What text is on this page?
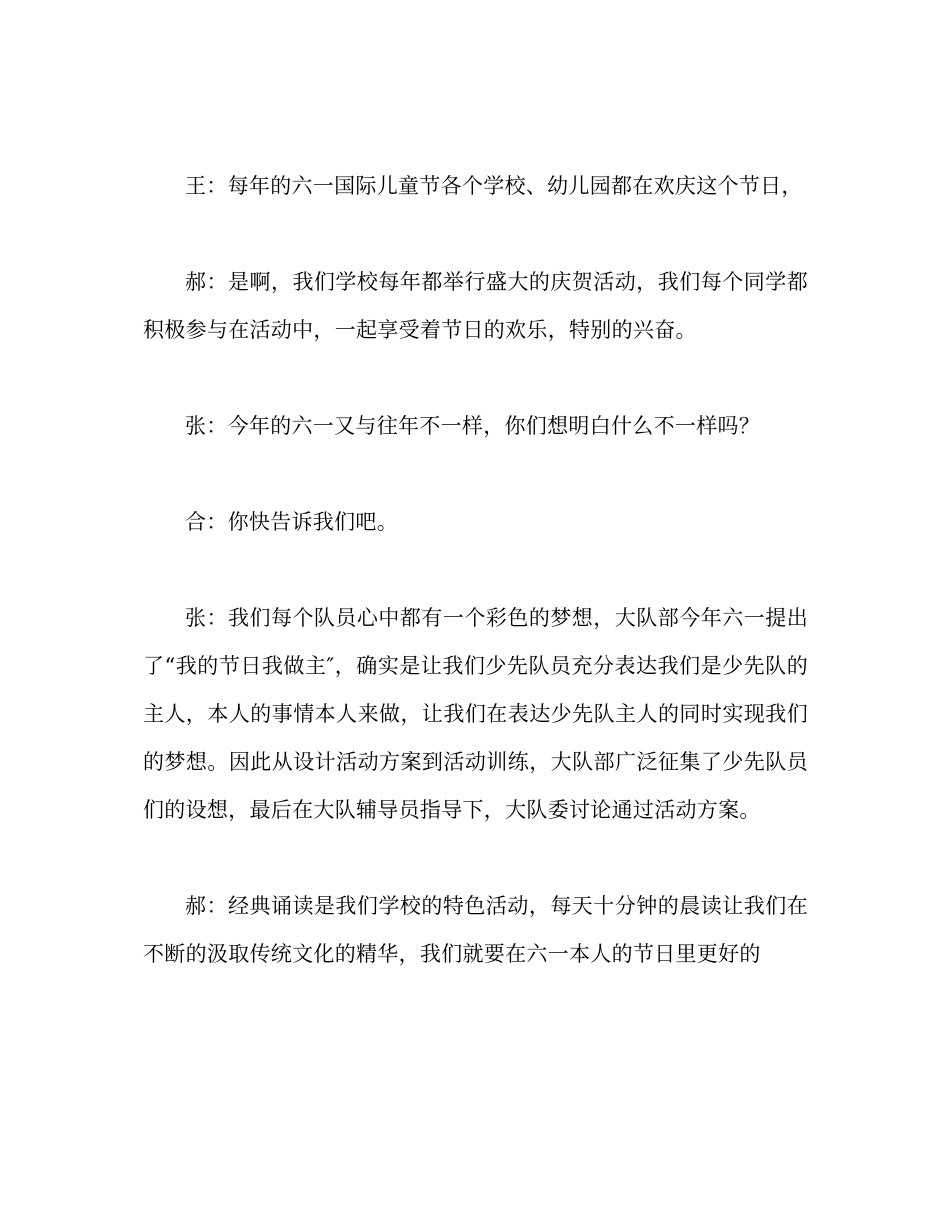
王：每年的六一国际儿童节各个学校、幼儿园都在欢庆这个节日，

郝：是啊，我们学校每年都举行盛大的庆贺活动，我们每个同学都积极参与在活动中，一起享受着节日的欢乐，特别的兴奋。

张：今年的六一又与往年不一样，你们想明白什么不一样吗？

合：你快告诉我们吧。

张：我们每个队员心中都有一个彩色的梦想，大队部今年六一提出了“我的节日我做主″，确实是让我们少先队员充分表达我们是少先队的主人，本人的事情本人来做，让我们在表达少先队主人的同时实现我们的梦想。因此从设计活动方案到活动训练，大队部广泛征集了少先队员们的设想，最后在大队辅导员指导下，大队委讨论通过活动方案。

郝：经典诵读是我们学校的特色活动，每天十分钟的晨读让我们在不断的汲取传统文化的精华，我们就要在六一本人的节日里更好的
